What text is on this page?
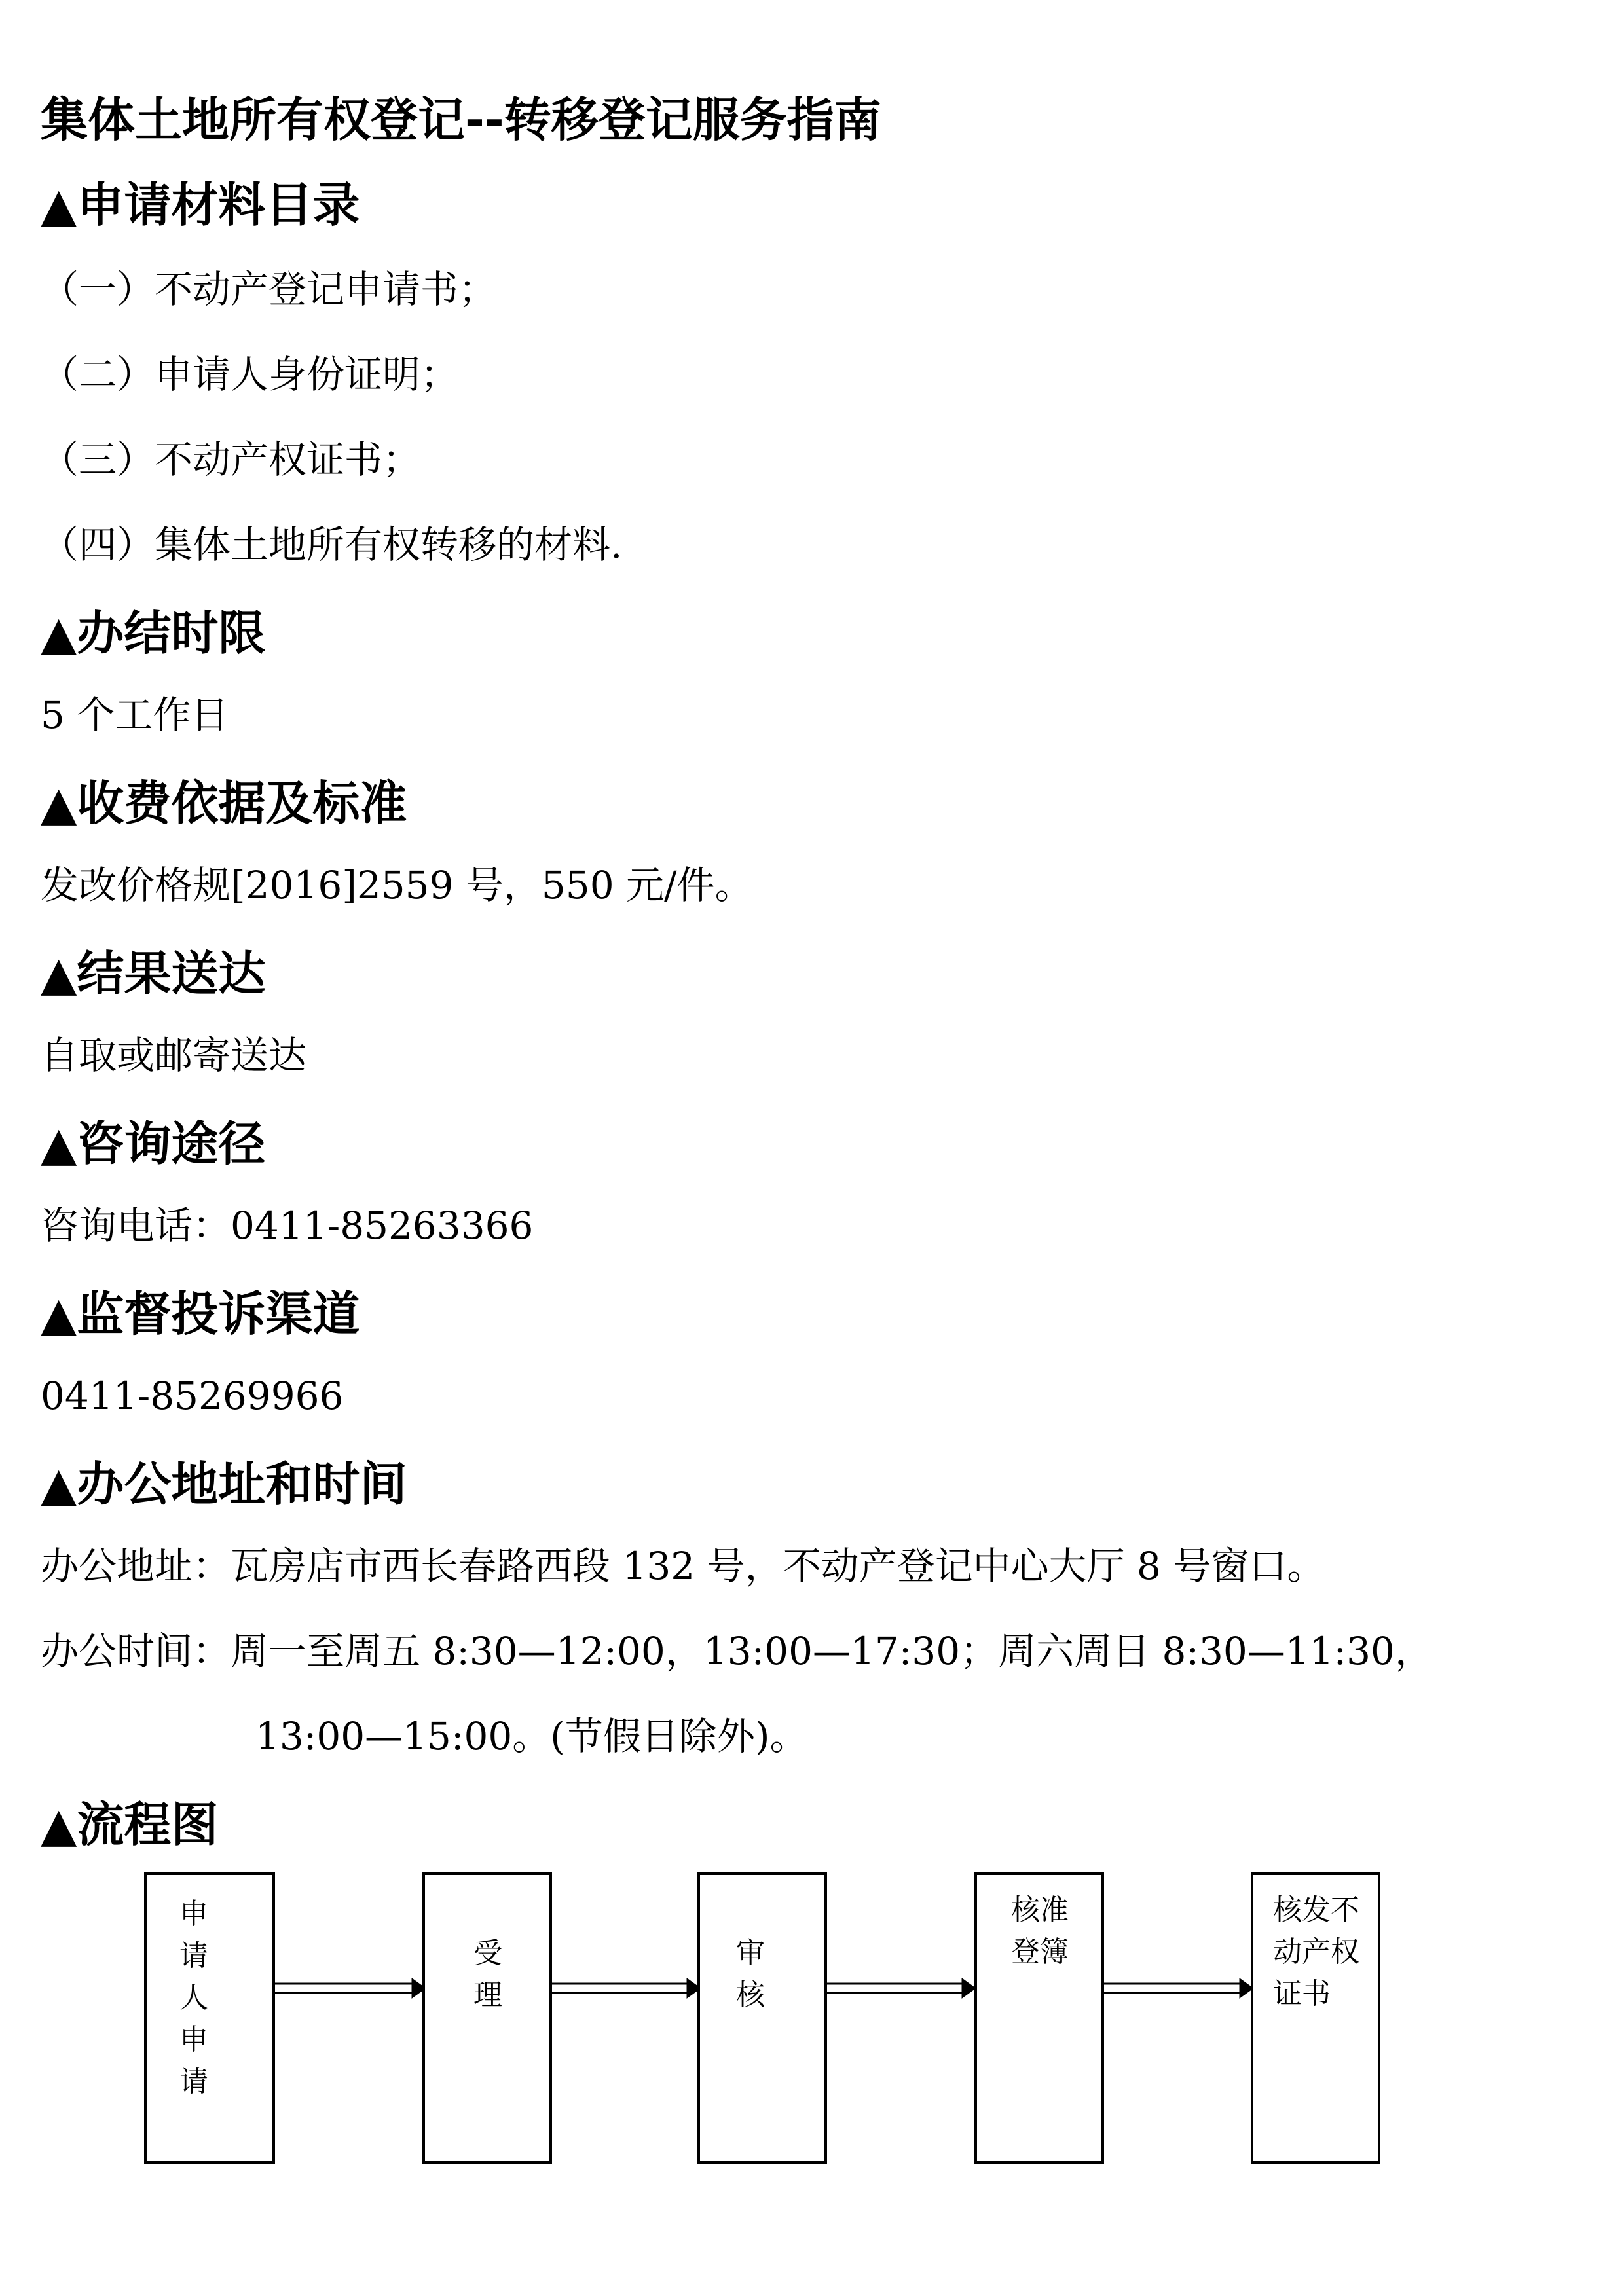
集体土地所有权登记--转移登记服务指南
▲申请材料目录

（一）不动产登记申请书；

（二）申请人身份证明；

（三）不动产权证书；

（四）集体土地所有权转移的材料.

▲办结时限

5 个工作日

▲收费依据及标准

发改价格规[2016]2559 号，550 元/件。

▲结果送达

自取或邮寄送达

▲咨询途径

咨询电话：0411-85263366

▲监督投诉渠道

0411-85269966

▲办公地址和时间

办公地址：瓦房店市西长春路西段 132 号，不动产登记中心大厅 8 号窗口。

办公时间：周一至周五 8:30—12:00，13:00—17:30；周六周日 8:30—11:30，

13:00—15:00。(节假日除外)。

▲流程图

申
请
人
申
请

受
理

审
核

核准
登簿

核发不
动产权
证书
